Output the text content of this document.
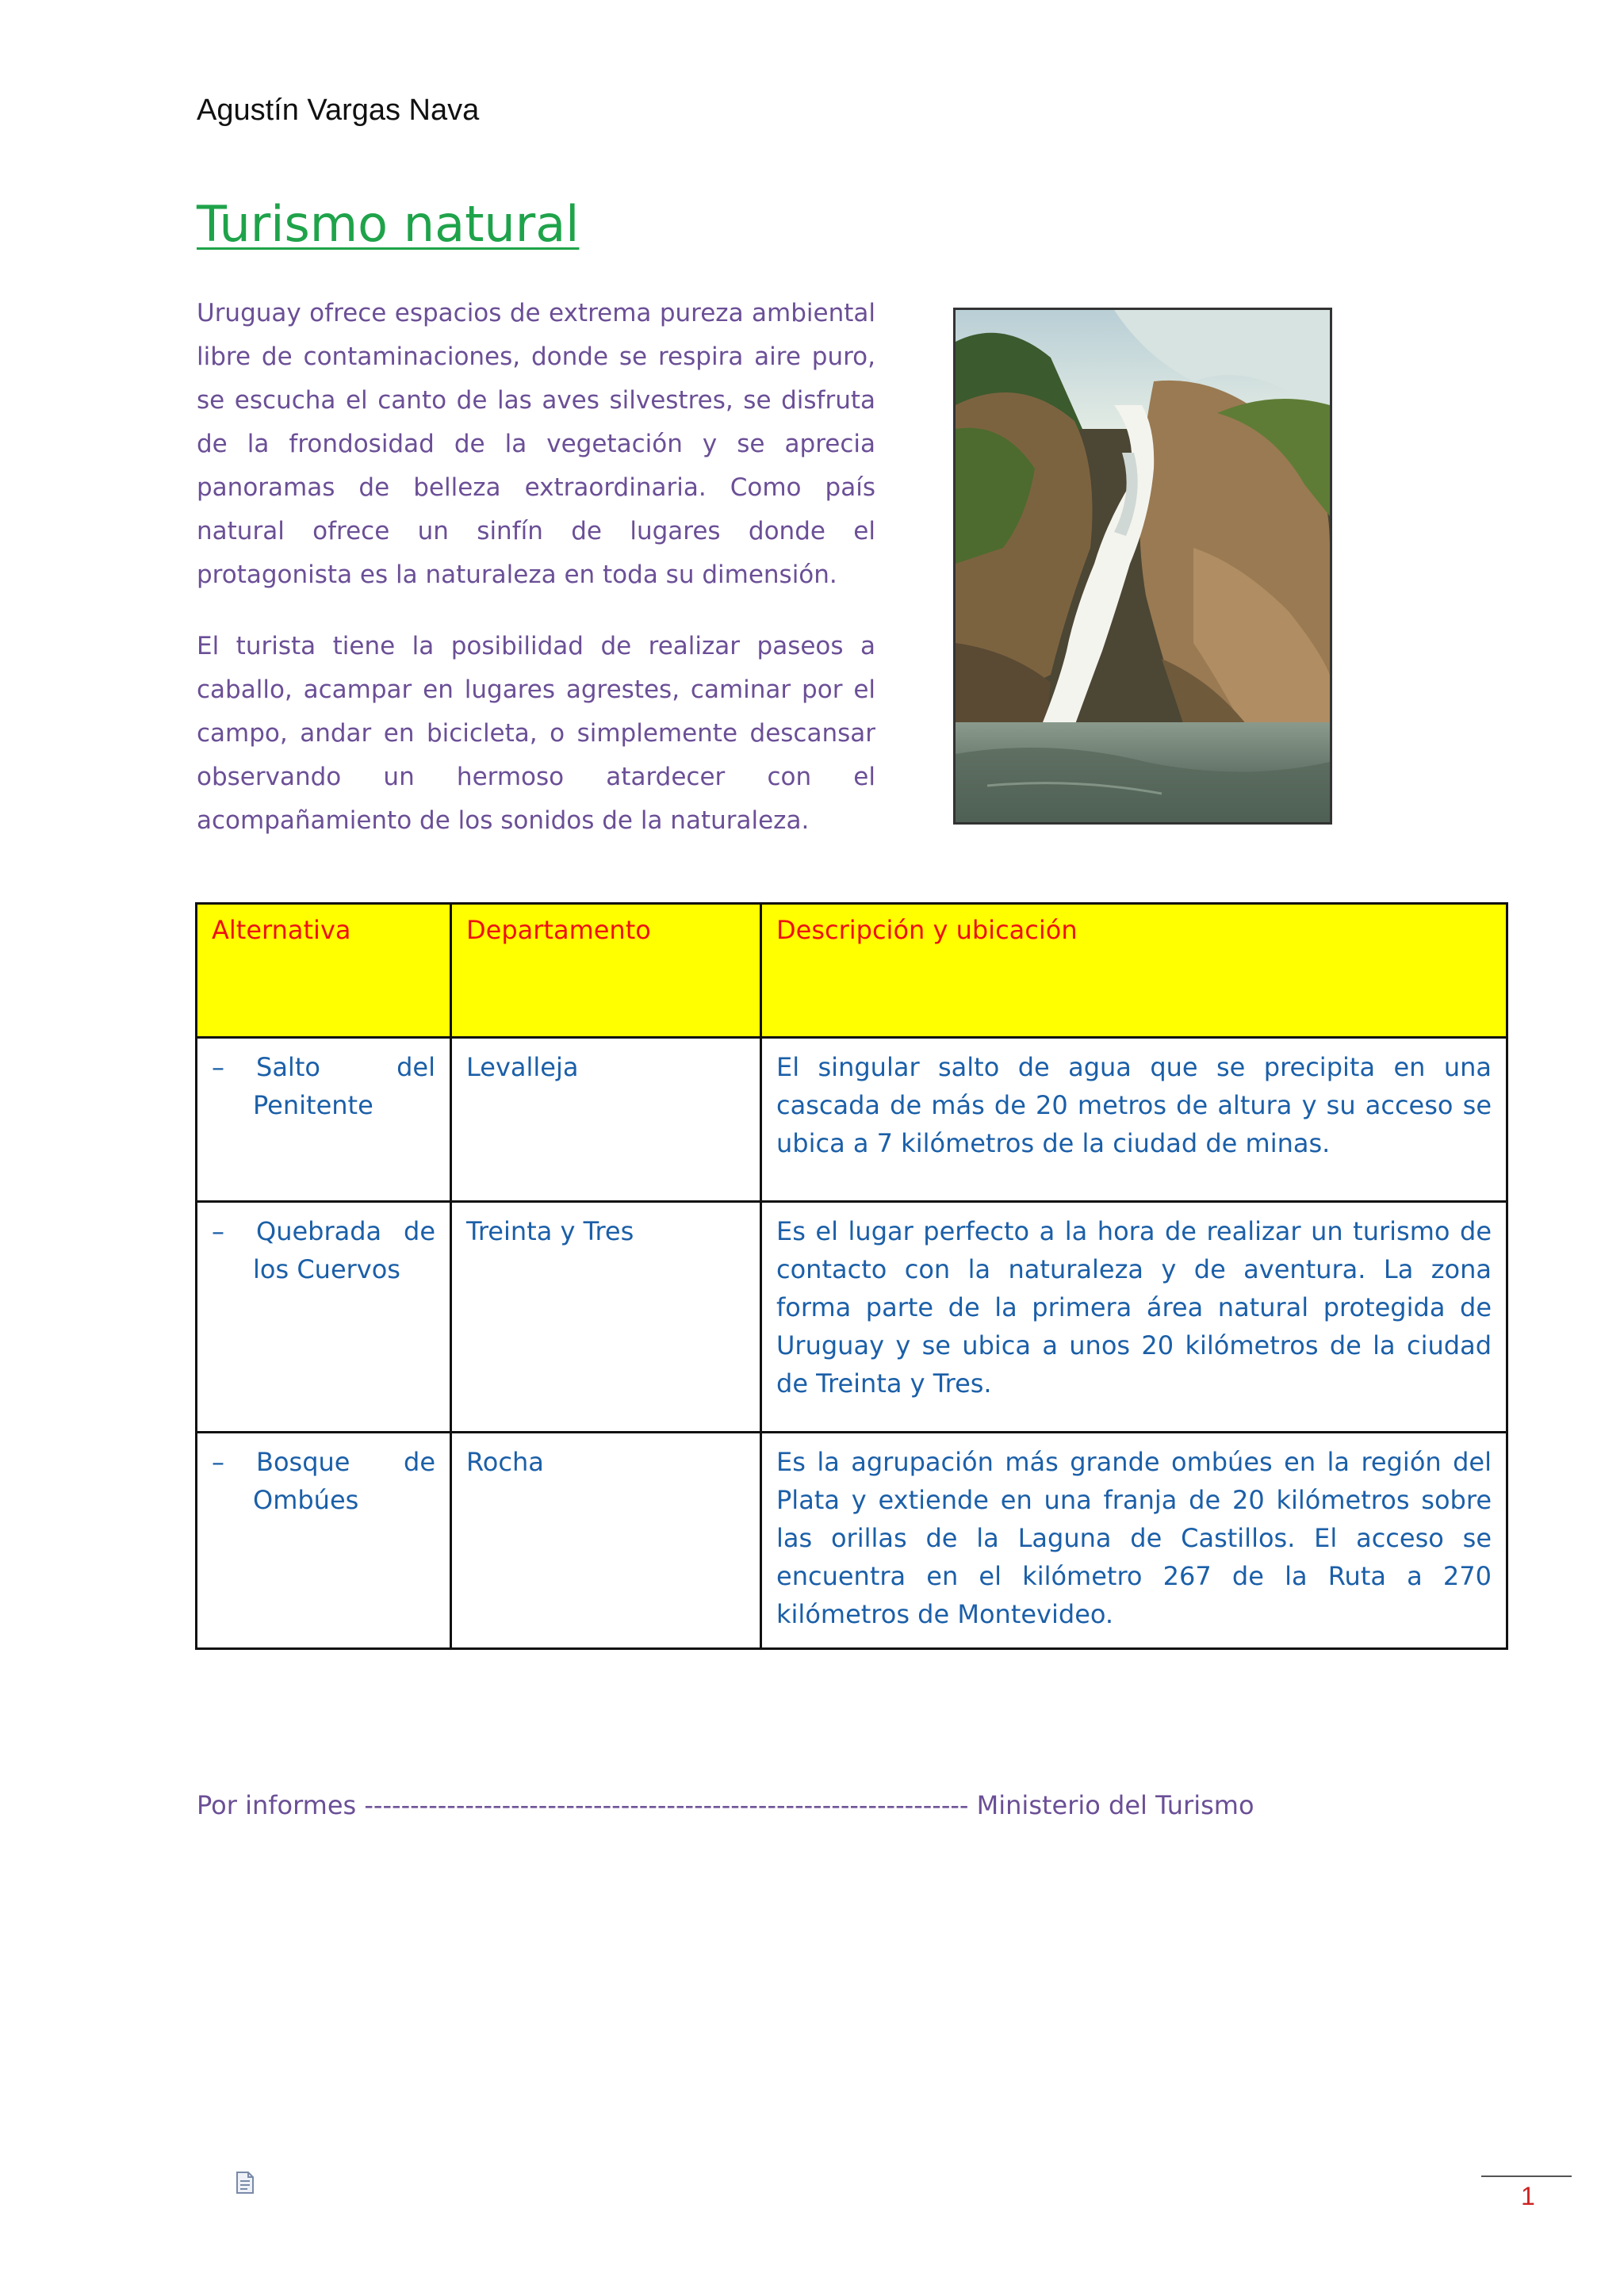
Agustín Vargas Nava
Turismo natural

Uruguay ofrece espacios de extrema pureza ambiental libre de contaminaciones, donde se respira aire puro, se escucha el canto de las aves silvestres, se disfruta de la frondosidad de la vegetación y se aprecia panoramas de belleza extraordinaria. Como país natural ofrece un sinfín de lugares donde el protagonista es la naturaleza en toda su dimensión.

El turista tiene la posibilidad de realizar paseos a caballo, acampar en lugares agrestes, caminar por el campo, andar en bicicleta, o simplemente descansar observando un hermoso atardecer con el acompañamiento de los sonidos de la naturaleza.

Alternativa	Departamento	Descripción y ubicación

– Salto del Penitente	Levalleja	El singular salto de agua que se precipita en una cascada de más de 20 metros de altura y su acceso se ubica a 7 kilómetros de la ciudad de minas.

– Quebrada de los Cuervos	Treinta y Tres	Es el lugar perfecto a la hora de realizar un turismo de contacto con la naturaleza y de aventura. La zona forma parte de la primera área natural protegida de Uruguay y se ubica a unos 20 kilómetros de la ciudad de Treinta y Tres.

– Bosque de Ombúes	Rocha	Es la agrupación más grande ombúes en la región del Plata y extiende en una franja de 20 kilómetros sobre las orillas de la Laguna de Castillos. El acceso se encuentra en el kilómetro 267 de la Ruta a 270 kilómetros de Montevideo.
Por informes ------------------------------------------------------------------ Ministerio del Turismo
1
